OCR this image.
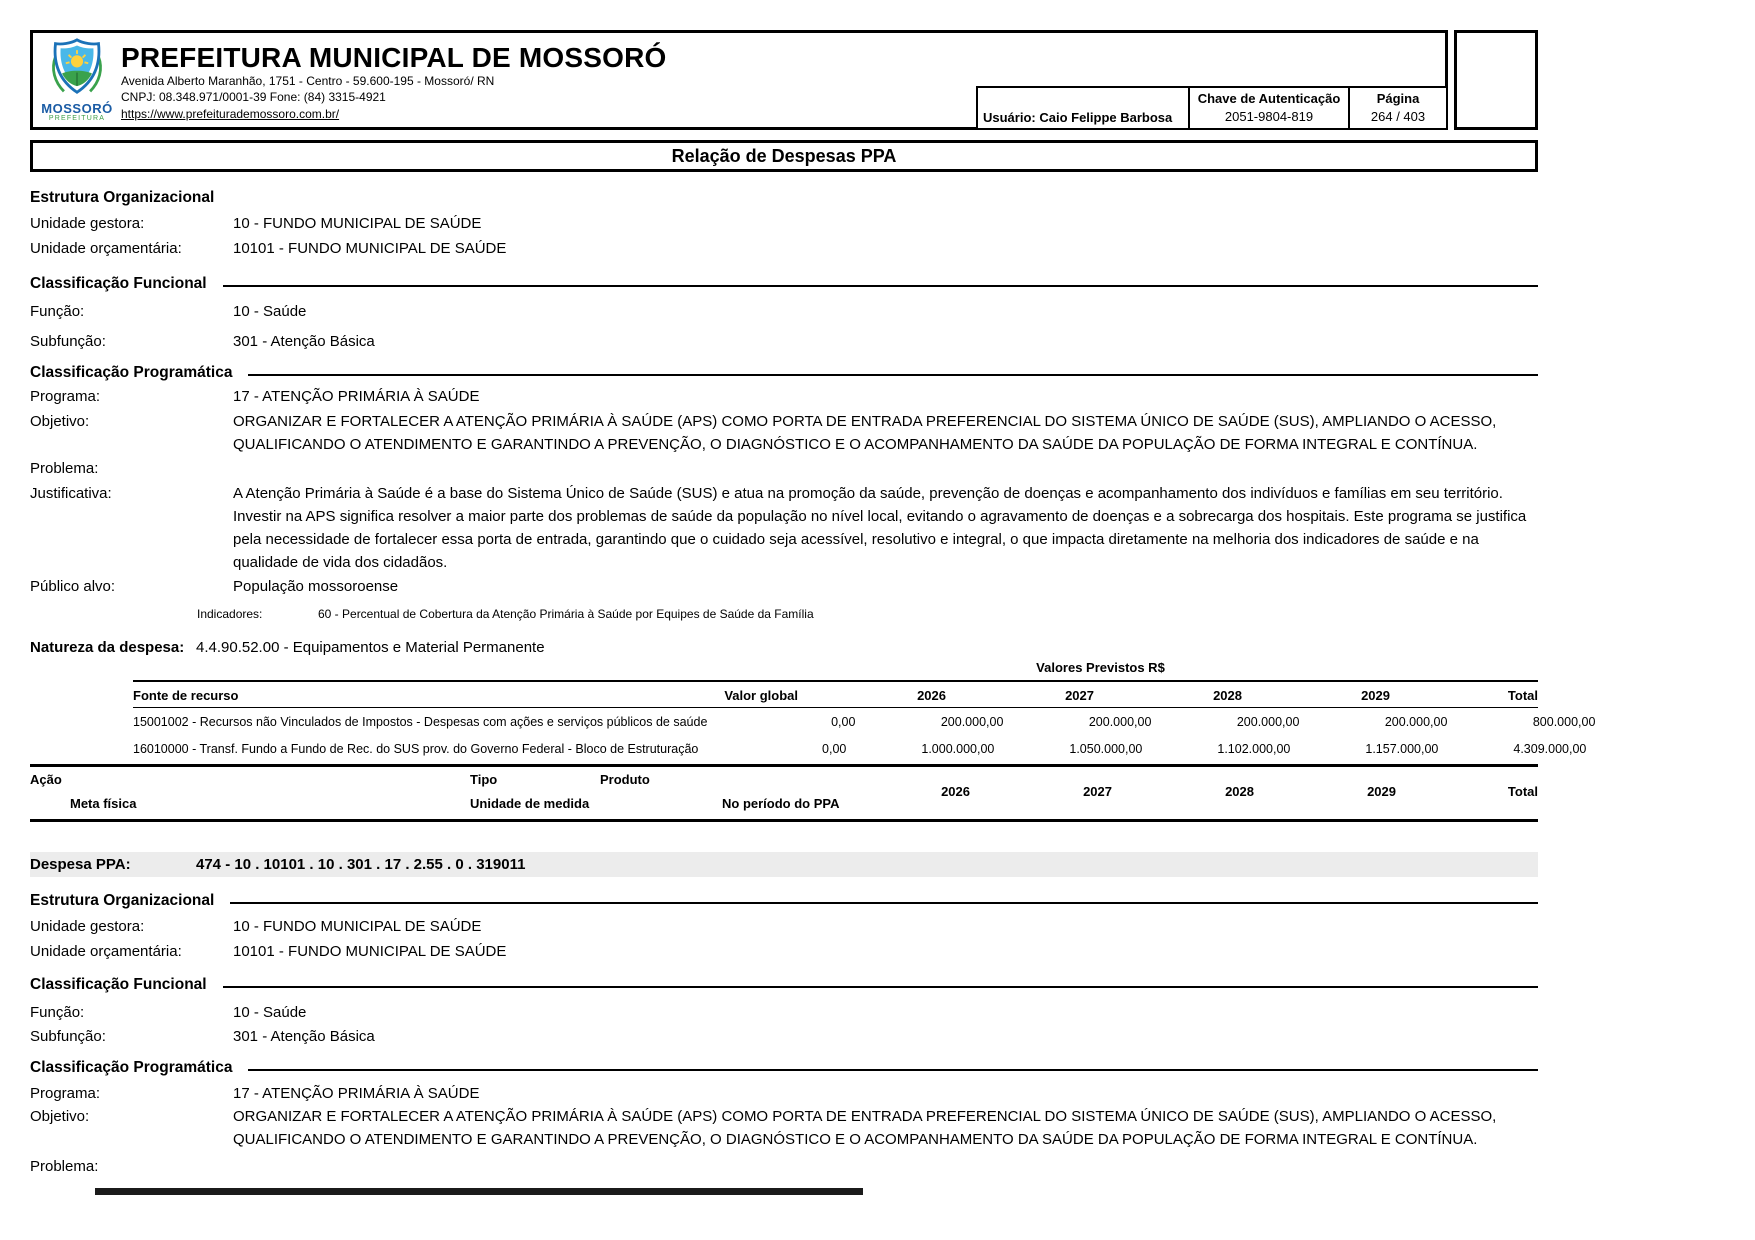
MOSSORÓ
PREFEITURA
PREFEITURA MUNICIPAL DE MOSSORÓ
Avenida Alberto Maranhão, 1751 - Centro - 59.600-195 - Mossoró/ RN
CNPJ: 08.348.971/0001-39 Fone: (84) 3315-4921
https://www.prefeiturademossoro.com.br/	Usuário: Caio Felippe Barbosa
Chave de Autenticação
2051-9804-819
Página
264 / 403
Relação de Despesas PPA
Estrutura Organizacional
Unidade gestora:	10 - FUNDO MUNICIPAL DE SAÚDE
Unidade orçamentária:	10101 - FUNDO MUNICIPAL DE SAÚDE
Classificação Funcional
Função:	10 - Saúde
Subfunção:	301 - Atenção Básica
Classificação Programática
Programa:	17 - ATENÇÃO PRIMÁRIA À SAÚDE
Objetivo:	ORGANIZAR E FORTALECER A ATENÇÃO PRIMÁRIA À SAÚDE (APS) COMO PORTA DE ENTRADA PREFERENCIAL DO SISTEMA ÚNICO DE SAÚDE (SUS), AMPLIANDO O ACESSO, QUALIFICANDO O ATENDIMENTO E GARANTINDO A PREVENÇÃO, O DIAGNÓSTICO E O ACOMPANHAMENTO DA SAÚDE DA POPULAÇÃO DE FORMA INTEGRAL E CONTÍNUA.
Problema:
Justificativa:	A Atenção Primária à Saúde é a base do Sistema Único de Saúde (SUS) e atua na promoção da saúde, prevenção de doenças e acompanhamento dos indivíduos e famílias em seu território. Investir na APS significa resolver a maior parte dos problemas de saúde da população no nível local, evitando o agravamento de doenças e a sobrecarga dos hospitais. Este programa se justifica pela necessidade de fortalecer essa porta de entrada, garantindo que o cuidado seja acessível, resolutivo e integral, o que impacta diretamente na melhoria dos indicadores de saúde e na qualidade de vida dos cidadãos.
Público alvo:	População mossoroense
Indicadores:	60 - Percentual de Cobertura da Atenção Primária à Saúde por Equipes de Saúde da Família
Natureza da despesa: 4.4.90.52.00 - Equipamentos e Material Permanente
Valores Previstos R$
Fonte de recurso	Valor global	2026	2027	2028	2029	Total
15001002 - Recursos não Vinculados de Impostos - Despesas com ações e serviços públicos de saúde	0,00	200.000,00	200.000,00	200.000,00	200.000,00	800.000,00
16010000 - Transf. Fundo a Fundo de Rec. do SUS prov. do Governo Federal - Bloco de Estruturação	0,00	1.000.000,00	1.050.000,00	1.102.000,00	1.157.000,00	4.309.000,00
Ação	Tipo	Produto
Meta física	Unidade de medida	No período do PPA
2026	2027	2028	2029	Total
Despesa PPA:	474 - 10 . 10101 . 10 . 301 . 17 . 2.55 . 0 . 319011
Estrutura Organizacional
Unidade gestora:	10 - FUNDO MUNICIPAL DE SAÚDE
Unidade orçamentária:	10101 - FUNDO MUNICIPAL DE SAÚDE
Classificação Funcional
Função:	10 - Saúde
Subfunção:	301 - Atenção Básica
Classificação Programática
Programa:	17 - ATENÇÃO PRIMÁRIA À SAÚDE
Objetivo:	ORGANIZAR E FORTALECER A ATENÇÃO PRIMÁRIA À SAÚDE (APS) COMO PORTA DE ENTRADA PREFERENCIAL DO SISTEMA ÚNICO DE SAÚDE (SUS), AMPLIANDO O ACESSO, QUALIFICANDO O ATENDIMENTO E GARANTINDO A PREVENÇÃO, O DIAGNÓSTICO E O ACOMPANHAMENTO DA SAÚDE DA POPULAÇÃO DE FORMA INTEGRAL E CONTÍNUA.
Problema:
